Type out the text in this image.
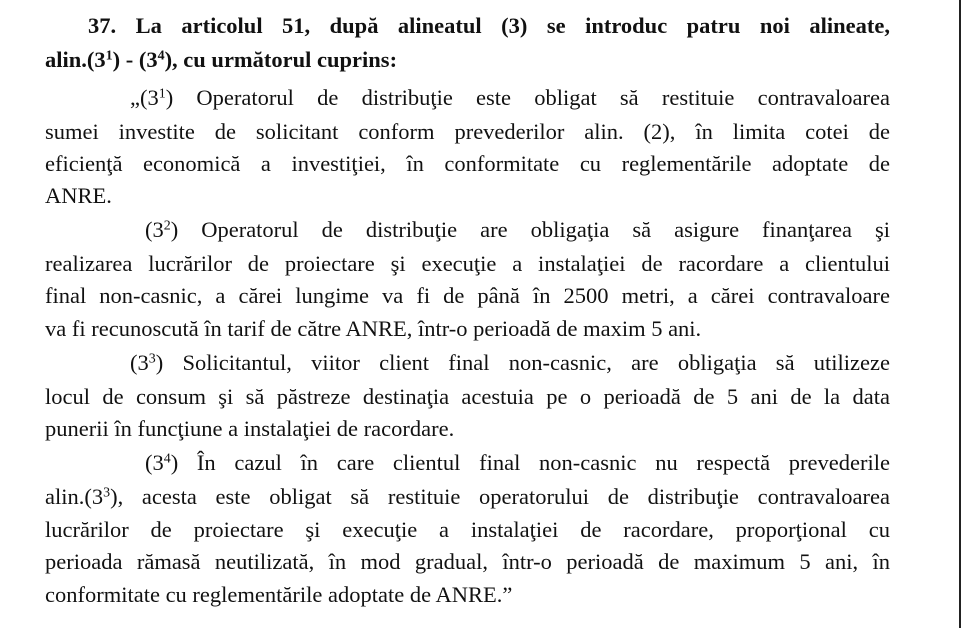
37. La articolul 51, după alineatul (3) se introduc patru noi alineate,
$alin.(3^1) - (3^4)$, cu următorul cuprins:
$„(3^1)$ Operatorul de distribuţie este obligat să restituie contravaloarea
sumei investite de solicitant conform prevederilor alin. (2), în limita cotei de
eficienţă economică a investiţiei, în conformitate cu reglementările adoptate de
ANRE.
$(3^2)$ Operatorul de distribuţie are obligaţia să asigure finanţarea şi
realizarea lucrărilor de proiectare şi execuţie a instalaţiei de racordare a clientului
final non-casnic, a cărei lungime va fi de până în 2500 metri, a cărei contravaloare
va fi recunoscută în tarif de către ANRE, într-o perioadă de maxim 5 ani.
$(3^3)$ Solicitantul, viitor client final non-casnic, are obligaţia să utilizeze
locul de consum şi să păstreze destinaţia acestuia pe o perioadă de 5 ani de la data
punerii în funcţiune a instalaţiei de racordare.
$(3^4)$ În cazul în care clientul final non-casnic nu respectă prevederile
$alin.(3^3)$, acesta este obligat să restituie operatorului de distribuţie contravaloarea
lucrărilor de proiectare şi execuţie a instalaţiei de racordare, proporţional cu
perioada rămasă neutilizată, în mod gradual, într-o perioadă de maximum 5 ani, în
conformitate cu reglementările adoptate de ANRE.”
